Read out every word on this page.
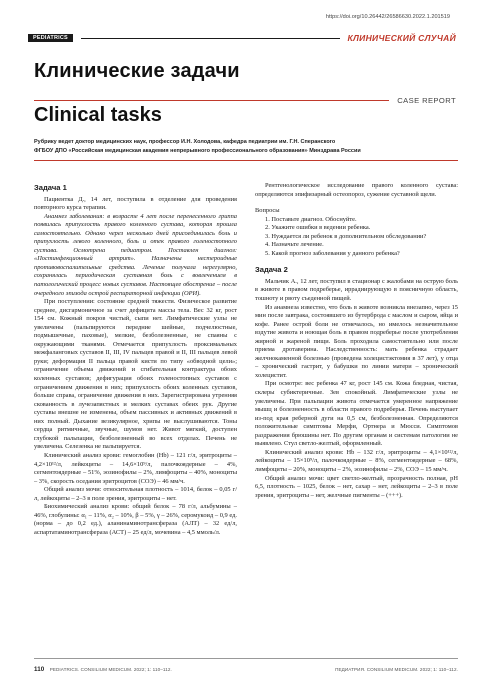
https://doi.org/10.26442/26586630.2022.1.201519
PEDIATRICS	КЛИНИЧЕСКИЙ СЛУЧАЙ
Клинические задачи
CASE REPORT
Clinical tasks
Рубрику ведет доктор медицинских наук, профессор И.Н. Холодова, кафедра педиатрии им. Г.Н. Сперанского
ФГБОУ ДПО «Российская медицинская академия непрерывного профессионального образования» Минздрава России
Задача 1

Пациентка Д., 14 лет, поступила в отделение для проведения повторного курса терапии.

Анамнез заболевания: в возрасте 4 лет после перенесенного гриппа появилась припухлость правого коленного сустава, которая прошла самостоятельно. Однако через несколько дней присоединилась боль и припухлость левого коленного, боль и отек правого голеностопного сустава. Осмотрена педиатром. Поставлен диагноз: «Постинфекционный артрит». Назначены нестероидные противовоспалительные средства. Лечение получала нерегулярно, сохранялась периодическая суставная боль с вовлечением в патологический процесс новых суставов. Настоящее обострение – после очередного эпизода острой респираторной инфекции (ОРИ).

При поступлении: состояние средней тяжести. Физическое развитие среднее, дисгармоничное за счет дефицита массы тела. Вес 32 кг, рост 154 см. Кожный покров чистый, сыпи нет. Лимфатические узлы не увеличены (пальпируются передние шейные, подчелюстные, подмышечные, паховые), мелкие, безболезненные, не спаяны с окружающими тканями. Отмечается припухлость проксимальных межфаланговых суставов II, III, IV пальцев правой и II, III пальцев левой руки; деформация II пальца правой кисти по типу «обводной цели»; ограничение объема движений и сгибательная контрактура обоих коленных суставов; дефигурация обоих голеностопных суставов с ограничением движения в них; припухлость обоих коленных суставов, больше справа, ограничение движения в них. Зарегистрирована утренняя скованность в лучезапястных и мелких суставах обеих рук. Другие суставы внешне не изменены, объем пассивных и активных движений в них полный. Дыхание везикулярное, хрипы не выслушиваются. Тоны сердца ритмичные, звучные, шумов нет. Живот мягкий, доступен глубокой пальпации, безболезненный во всех отделах. Печень не увеличена. Селезенка не пальпируется.

Клинический анализ крови: гемоглобин (Hb) – 121 г/л, эритроциты – 4,2×10¹²/л, лейкоциты – 14,6×10⁹/л, палочкоядерные – 4%, сегментоядерные – 51%, эозинофилы – 2%, лимфоциты – 40%, моноциты – 3%, скорость оседания эритроцитов (СОЭ) – 46 мм/ч.

Общий анализ мочи: относительная плотность – 1014, белок – 0,05 г/л, лейкоциты – 2–3 в поле зрения, эритроциты – нет.

Биохимический анализ крови: общий белок – 78 г/л, альбумины – 46%, глобулины: α₁ – 11%, α₂ – 10%, β – 5%, γ – 26%, серомукоид – 0,9 ед. (норма – до 0,2 ед.), аланинаминотрансфераза (АЛТ) – 32 ед/л, аспартатаминотрансфераза (АСТ) – 25 ед/л, мочевина – 4,5 ммоль/л.

Рентгенологическое исследование правого коленного сустава: определяются эпифизарный остеопороз, сужение суставной щели.

Вопросы

1. Поставьте диагноз. Обоснуйте.

2. Укажите ошибки в ведении ребенка.

3. Нуждается ли ребенок в дополнительном обследовании?

4. Назначьте лечение.

5. Какой прогноз заболевания у данного ребенка?

Задача 2

Мальчик А., 12 лет, поступил в стационар с жалобами на острую боль в животе в правом подреберье, иррадиирующую в поясничную область, тошноту и рвоту съеденной пищей.

Из анамнеза известно, что боль в животе возникла внезапно, через 15 мин после завтрака, состоявшего из бутерброда с маслом и сыром, яйца и кофе. Ранее острой боли не отмечалось, но имелось незначительное вздутие живота и ноющая боль в правом подреберье после употребления жирной и жареной пищи. Боль проходила самостоятельно или после приема дротаверина. Наследственность: мать ребенка страдает желчнокаменной болезнью (проведена холецистэктомия в 37 лет), у отца – хронический гастрит, у бабушки по линии матери – хронический холецистит.

При осмотре: вес ребенка 47 кг, рост 145 см. Кожа бледная, чистая, склеры субиктеричные. Зев спокойный. Лимфатические узлы не увеличены. При пальпации живота отмечается умеренное напряжение мышц и болезненность в области правого подреберья. Печень выступает из-под края реберной дуги на 0,5 см, безболезненная. Определяются положительные симптомы Мерфи, Ортнера и Мюсси. Симптомов раздражения брюшины нет. По другим органам и системам патологии не выявлено. Стул светло-желтый, оформленный.

Клинический анализ крови: Hb – 132 г/л, эритроциты – 4,1×10¹²/л, лейкоциты – 15×10⁹/л, палочкоядерные – 8%, сегментоядерные – 68%, лимфоциты – 20%, моноциты – 2%, эозинофилы – 2%, СОЭ – 15 мм/ч.

Общий анализ мочи: цвет светло-желтый, прозрачность полная, рН 6,5, плотность – 1025, белок – нет, сахар – нет, лейкоциты – 2–3 в поле зрения, эритроциты – нет, желчные пигменты – (+++).

110 PEDIATRICS. CONSILIUM MEDICUM. 2022; 1: 110–112.	ПЕДИАТРИЯ. CONSILIUM MEDICUM. 2022; 1: 110–112.
